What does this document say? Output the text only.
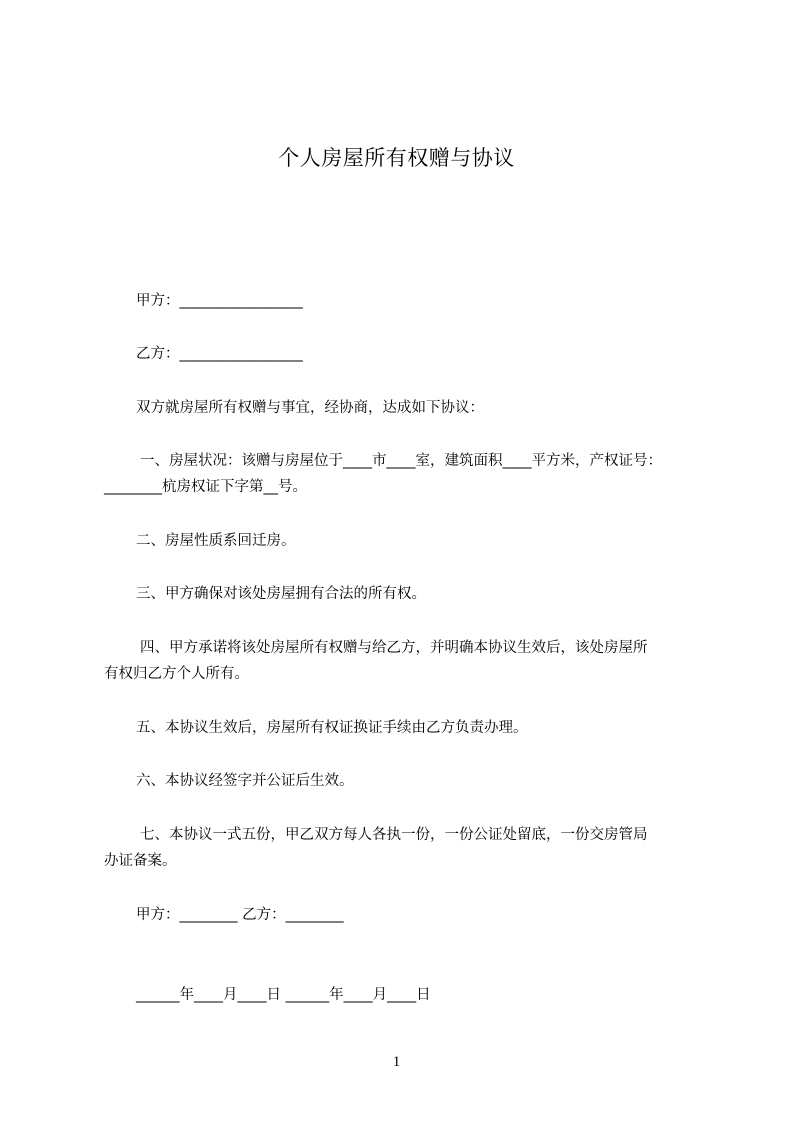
个人房屋所有权赠与协议

甲方：_________________

乙方：_________________

双方就房屋所有权赠与事宜，经协商，达成如下协议：

一、房屋状况：该赠与房屋位于____市____室，建筑面积____平方米，产权证号：

________杭房权证下字第__号。

二、房屋性质系回迁房。

三、甲方确保对该处房屋拥有合法的所有权。

四、甲方承诺将该处房屋所有权赠与给乙方，并明确本协议生效后，该处房屋所

有权归乙方个人所有。

五、本协议生效后，房屋所有权证换证手续由乙方负责办理。

六、本协议经签字并公证后生效。

七、本协议一式五份，甲乙双方每人各执一份，一份公证处留底，一份交房管局

办证备案。

甲方：________ 乙方：________

______年____月____日 ______年____月____日

1
